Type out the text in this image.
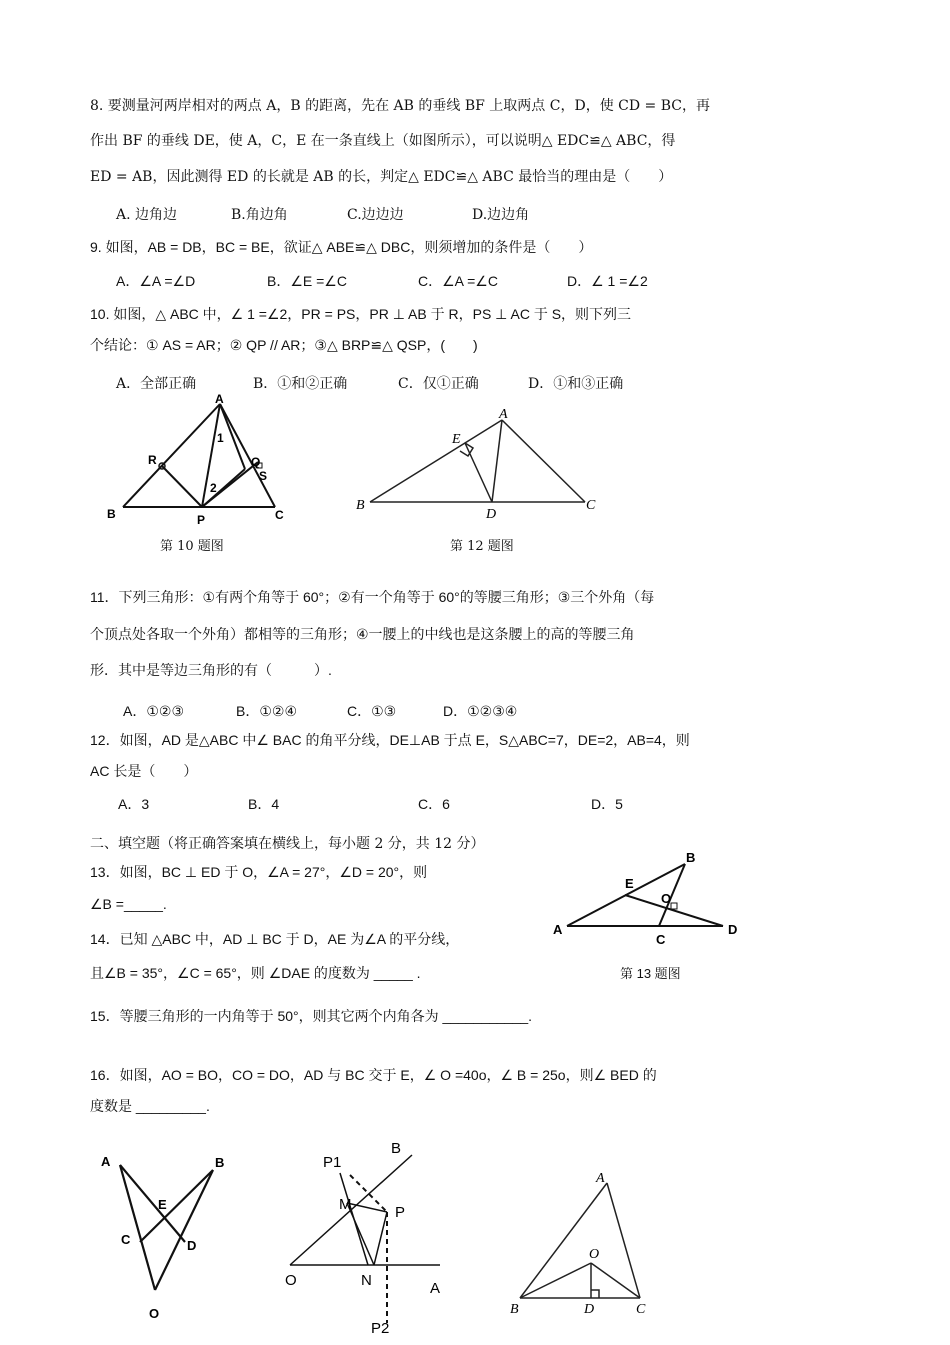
8. 要测量河两岸相对的两点 A，B 的距离，先在 AB 的垂线 BF 上取两点 C，D，使 CD = BC，再
作出 BF 的垂线 DE，使 A，C，E 在一条直线上（如图所示），可以说明△ EDC≌△ ABC，得
ED = AB，因此测得 ED 的长就是 AB 的长，判定△ EDC≌△ ABC 最恰当的理由是（　　）
A. 边角边	B.角边角	C.边边边	D.边边角
9. 如图，AB = DB，BC = BE，欲证△ ABE≌△ DBC，则须增加的条件是（　　）
A．∠A =∠D	B．∠E =∠C	C．∠A =∠C	D．∠ 1 =∠2
10. 如图，△ ABC 中，∠ 1 =∠2，PR = PS，PR ⊥ AB 于 R，PS ⊥ AC 于 S，则下列三
个结论：① AS = AR；② QP // AR；③△ BRP≌△ QSP，(　　)
A．全部正确	B．①和②正确	C．仅①正确	D．①和③正确
A
B	C
P
R	Q
S
1
2
第 10 题图
A
B	C
D
E
第 12 题图
11．下列三角形：①有两个角等于 60°；②有一个角等于 60°的等腰三角形；③三个外角（每
个顶点处各取一个外角）都相等的三角形；④一腰上的中线也是这条腰上的高的等腰三角
形．其中是等边三角形的有（　　　）.
A．①②③	B．①②④	C．①③	D．①②③④
12．如图，AD 是△ABC 中∠ BAC 的角平分线，DE⊥AB 于点 E，S△ABC=7，DE=2，AB=4，则
AC 长是（　　）
A．3	B．4	C．6	D．5
二、填空题（将正确答案填在横线上，每小题 2 分，共 12 分）
13．如图，BC ⊥ ED 于 O，∠A = 27°，∠D = 20°，则
∠B =_____.
A
B
C
D
E
O
第 13 题图
14．已知 △ABC 中，AD ⊥ BC 于 D，AE 为∠A 的平分线，
且∠B = 35°，∠C = 65°，则 ∠DAE 的度数为 _____ .
15．等腰三角形的一内角等于 50°，则其它两个内角各为 ___________.
16．如图，AO = BO，CO = DO，AD 与 BC 交于 E，∠ O =40o，∠ B = 25o，则∠ BED 的
度数是 _________.
A	B
C	D
E
O
B
P1
M	P
O	N	A
P2
A
B	C
D
O
